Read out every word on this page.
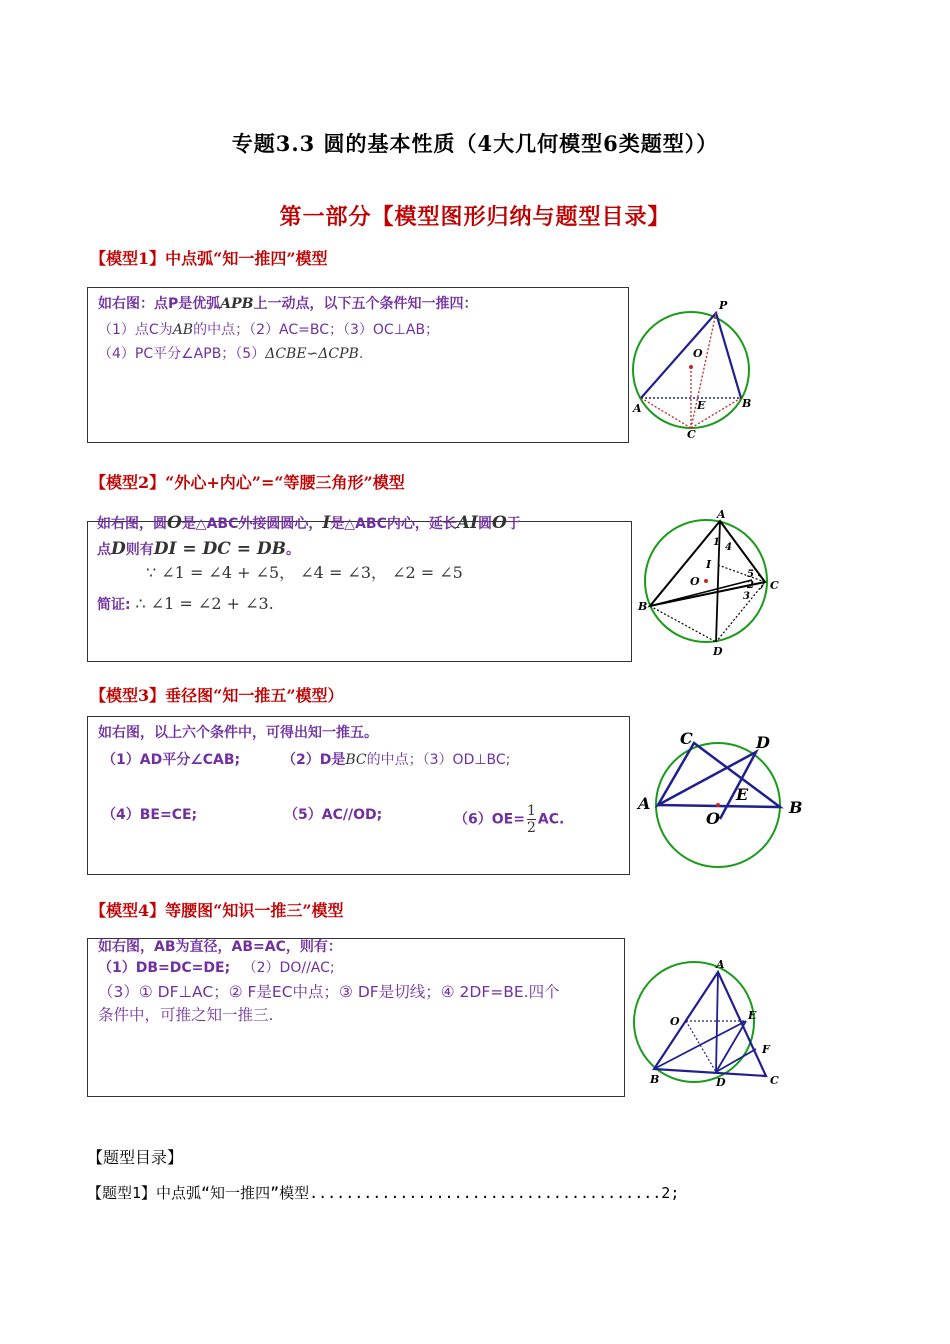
专题3.3 圆的基本性质（4大几何模型6类题型））
第一部分【模型图形归纳与题型目录】
【模型1】中点弧“知一推四”模型
如右图：点P是优弧APB上一动点，以下五个条件知一推四：
（1）点C为AB的中点；（2）AC=BC；（3）OC⊥AB；
（4）PC平分∠APB；（5）ΔCBE∽ΔCPB.
P
O
A	E	B
C
【模型2】“外心+内心”=“等腰三角形”模型
如右图，圆O是△ABC外接圆圆心，I是△ABC内心，延长AI圆O于
点D则有DI = DC = DB。
∵ ∠1 = ∠4 + ∠5， ∠4 = ∠3， ∠2 = ∠5
简证: ∴ ∠1 = ∠2 + ∠3.
A
1 4
I
2
5
O	C
3
B
D
【模型3】垂径图“知一推五”模型）
如右图，以上六个条件中，可得出知一推五。
（1）AD平分∠CAB;	（2）D是BC的中点；（3）OD⊥BC;
（4）BE=CE;	（5）AC//OD;	$(6)OE= \frac{1}{2}$ AC.
C	D
A	E
B
O
【模型4】等腰图“知识一推三”模型
如右图，AB为直径，AB=AC，则有：
（1）DB=DC=DE; （2）DO//AC;
（3）① DF⊥AC；② F是EC中点；③ DF是切线；④ 2DF=BE.四个
条件中，可推之知一推三.
A
O	E
F
B	D	C
【题型目录】
【题型1】中点弧“知一推四”模型.......................................2;
